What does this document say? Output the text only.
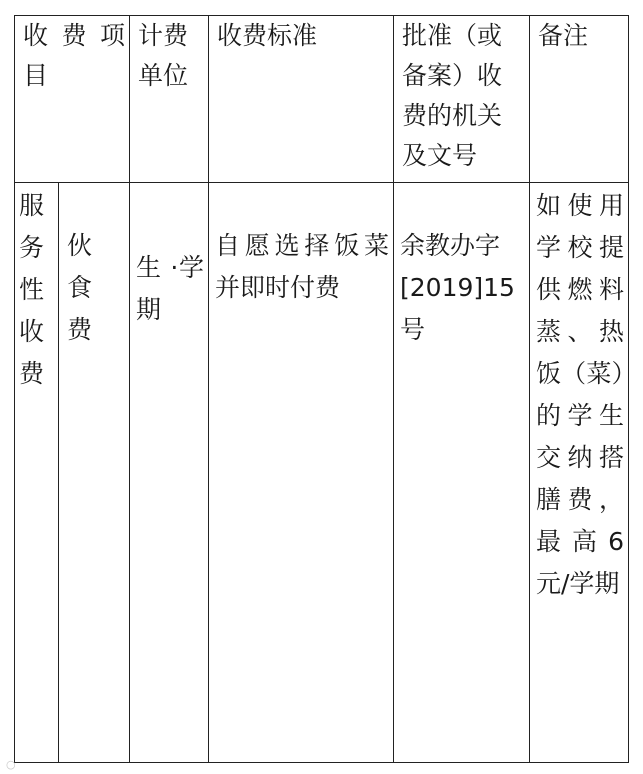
收 费 项 目		计费单位	收费标准	批准（或备案）收费的机关及文号	备注

服务性收费	伙食费	生 ·学期	自愿选择饭菜并即时付费	余教办字[2019]15号	如使用学校提供燃料蒸、热饭（菜）的学生交纳搭膳费，最高6元/学期
○
